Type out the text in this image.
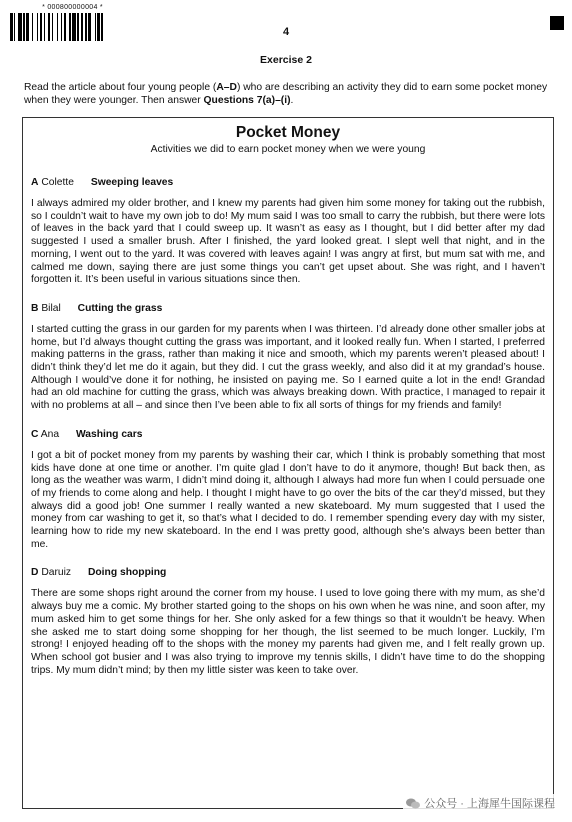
* 000800000004 *
4
Exercise 2
Read the article about four young people (A–D) who are describing an activity they did to earn some pocket money when they were younger. Then answer Questions 7(a)–(i).
Pocket Money
Activities we did to earn pocket money when we were young
A Colette Sweeping leaves
I always admired my older brother, and I knew my parents had given him some money for taking out the rubbish, so I couldn’t wait to have my own job to do! My mum said I was too small to carry the rubbish, but there were lots of leaves in the back yard that I could sweep up. It wasn’t as easy as I thought, but I did better after my dad suggested I used a smaller brush. After I finished, the yard looked great. I slept well that night, and in the morning, I went out to the yard. It was covered with leaves again! I was angry at first, but mum sat with me, and calmed me down, saying there are just some things you can’t get upset about. She was right, and I haven’t forgotten it. It’s been useful in various situations since then.
B Bilal Cutting the grass
I started cutting the grass in our garden for my parents when I was thirteen. I’d already done other smaller jobs at home, but I’d always thought cutting the grass was important, and it looked really fun. When I started, I preferred making patterns in the grass, rather than making it nice and smooth, which my parents weren’t pleased about! I didn’t think they’d let me do it again, but they did. I cut the grass weekly, and also did it at my grandad’s house. Although I would’ve done it for nothing, he insisted on paying me. So I earned quite a lot in the end! Grandad had an old machine for cutting the grass, which was always breaking down. With practice, I managed to repair it with no problems at all – and since then I’ve been able to fix all sorts of things for my friends and family!
C Ana Washing cars
I got a bit of pocket money from my parents by washing their car, which I think is probably something that most kids have done at one time or another. I’m quite glad I don’t have to do it anymore, though! But back then, as long as the weather was warm, I didn’t mind doing it, although I always had more fun when I could persuade one of my friends to come along and help. I thought I might have to go over the bits of the car they’d missed, but they always did a good job! One summer I really wanted a new skateboard. My mum suggested that I used the money from car washing to get it, so that’s what I decided to do. I remember spending every day with my sister, learning how to ride my new skateboard. In the end I was pretty good, although she’s always been better than me.
D Daruiz Doing shopping
There are some shops right around the corner from my house. I used to love going there with my mum, as she’d always buy me a comic. My brother started going to the shops on his own when he was nine, and soon after, my mum asked him to get some things for her. She only asked for a few things so that it wouldn’t be heavy. When she asked me to start doing some shopping for her though, the list seemed to be much longer. Luckily, I’m strong! I enjoyed heading off to the shops with the money my parents had given me, and I felt really grown up. When school got busier and I was also trying to improve my tennis skills, I didn’t have time to do the shopping trips. My mum didn’t mind; by then my little sister was keen to take over.
公众号 · 上海犀牛国际课程
